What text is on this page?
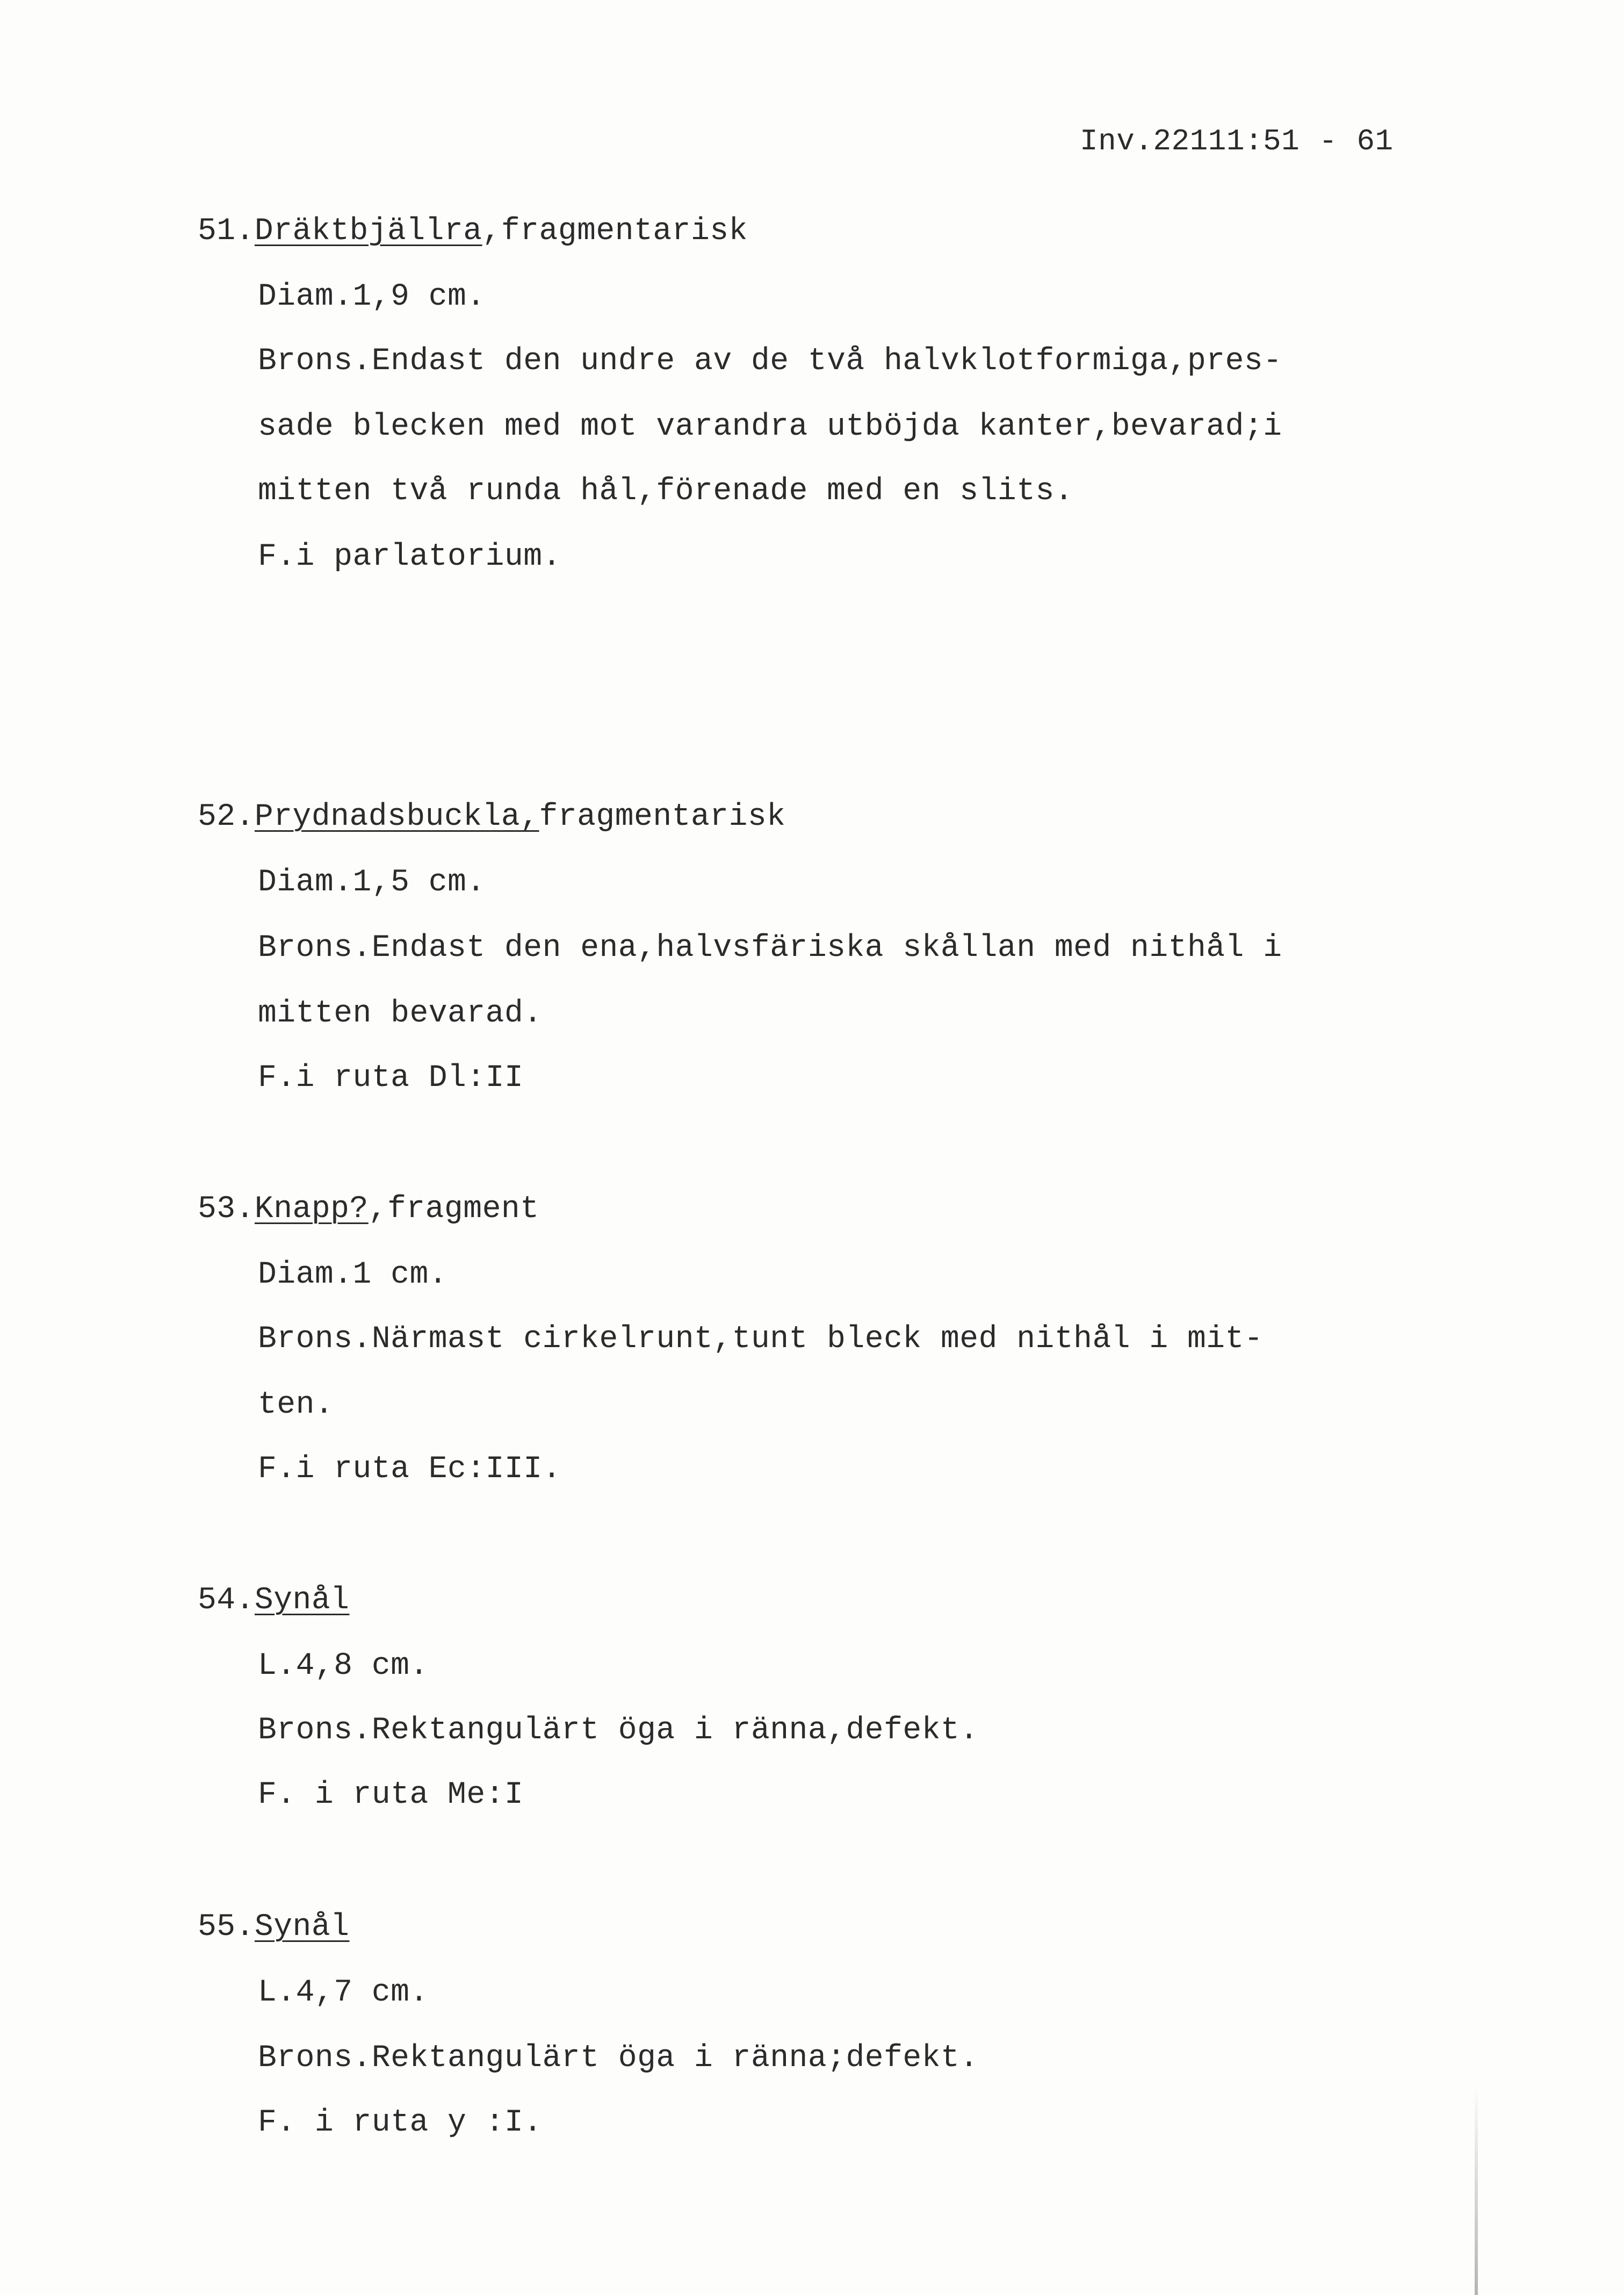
Inv.22111:51 - 61
51.Dräktbjällra,fragmentarisk
Diam.1,9 cm.
Brons.Endast den undre av de två halvklotformiga,pres-
sade blecken med mot varandra utböjda kanter,bevarad;i
mitten två runda hål,förenade med en slits.
F.i parlatorium.
52.Prydnadsbuckla,fragmentarisk
Diam.1,5 cm.
Brons.Endast den ena,halvsfäriska skållan med nithål i
mitten bevarad.
F.i ruta Dl:II
53.Knapp?,fragment
Diam.1 cm.
Brons.Närmast cirkelrunt,tunt bleck med nithål i mit-
ten.
F.i ruta Ec:III.
54.Synål
L.4,8 cm.
Brons.Rektangulärt öga i ränna,defekt.
F. i ruta Me:I
55.Synål
L.4,7 cm.
Brons.Rektangulärt öga i ränna;defekt.
F. i ruta y :I.
